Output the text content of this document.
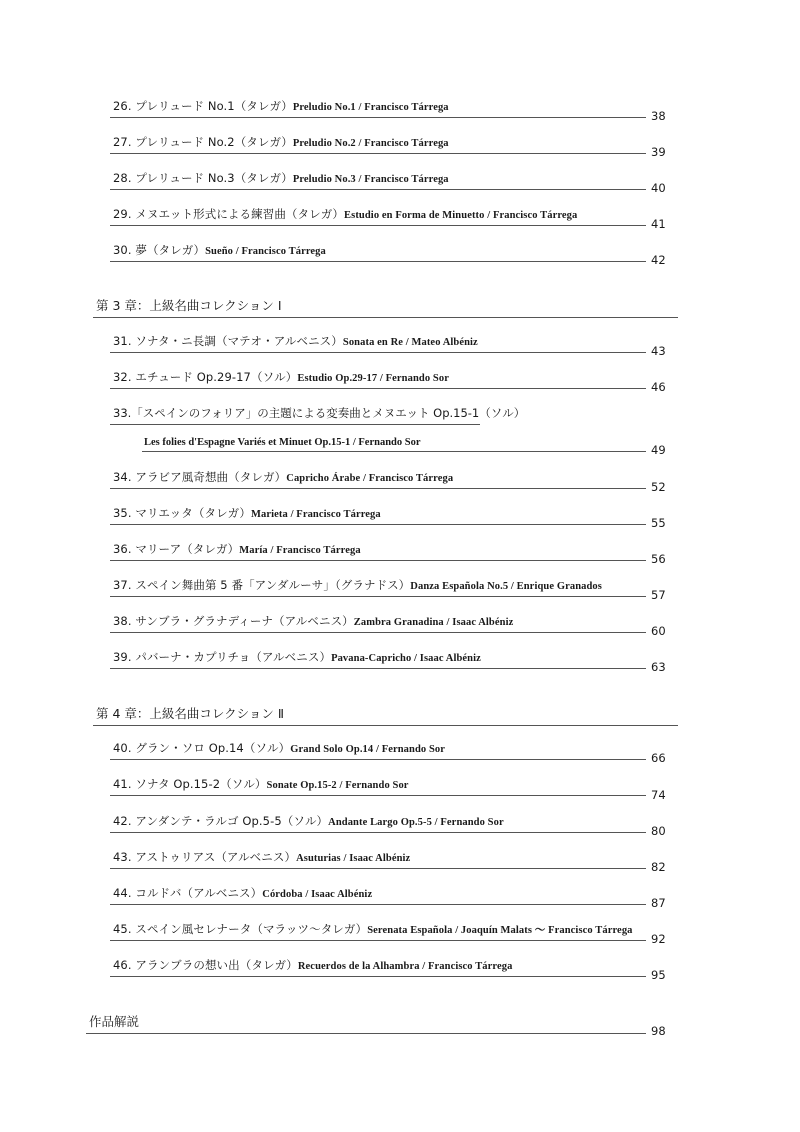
26. プレリュード No.1（タレガ）Preludio No.1 / Francisco Tárrega
38
27. プレリュード No.2（タレガ）Preludio No.2 / Francisco Tárrega
39
28. プレリュード No.3（タレガ）Preludio No.3 / Francisco Tárrega
40
29. メヌエット形式による練習曲（タレガ）Estudio en Forma de Minuetto / Francisco Tárrega
41
30. 夢（タレガ）Sueño / Francisco Tárrega
42
第 3 章：上級名曲コレクション Ⅰ
31. ソナタ・ニ長調（マテオ・アルベニス）Sonata en Re / Mateo Albéniz
43
32. エチュード Op.29-17（ソル）Estudio Op.29-17 / Fernando Sor
46
33.「スペインのフォリア」の主題による変奏曲とメヌエット Op.15-1（ソル）
Les folies d'Espagne Variés et Minuet Op.15-1 / Fernando Sor
49
34. アラビア風奇想曲（タレガ）Capricho Árabe / Francisco Tárrega
52
35. マリエッタ（タレガ）Marieta / Francisco Tárrega
55
36. マリーア（タレガ）María / Francisco Tárrega
56
37. スペイン舞曲第 5 番「アンダルーサ」（グラナドス）Danza Española No.5 / Enrique Granados
57
38. サンブラ・グラナディーナ（アルベニス）Zambra Granadina / Isaac Albéniz
60
39. パバーナ・カプリチョ（アルベニス）Pavana-Capricho / Isaac Albéniz
63
第 4 章：上級名曲コレクション Ⅱ
40. グラン・ソロ Op.14（ソル）Grand Solo Op.14 / Fernando Sor
66
41. ソナタ Op.15-2（ソル）Sonate Op.15-2 / Fernando Sor
74
42. アンダンテ・ラルゴ Op.5-5（ソル）Andante Largo Op.5-5 / Fernando Sor
80
43. アストゥリアス（アルベニス）Asuturias / Isaac Albéniz
82
44. コルドバ（アルベニス）Córdoba / Isaac Albéniz
87
45. スペイン風セレナータ（マラッツ〜タレガ）Serenata Española / Joaquín Malats 〜 Francisco Tárrega
92
46. アランブラの想い出（タレガ）Recuerdos de la Alhambra / Francisco Tárrega
95
作品解説
98
